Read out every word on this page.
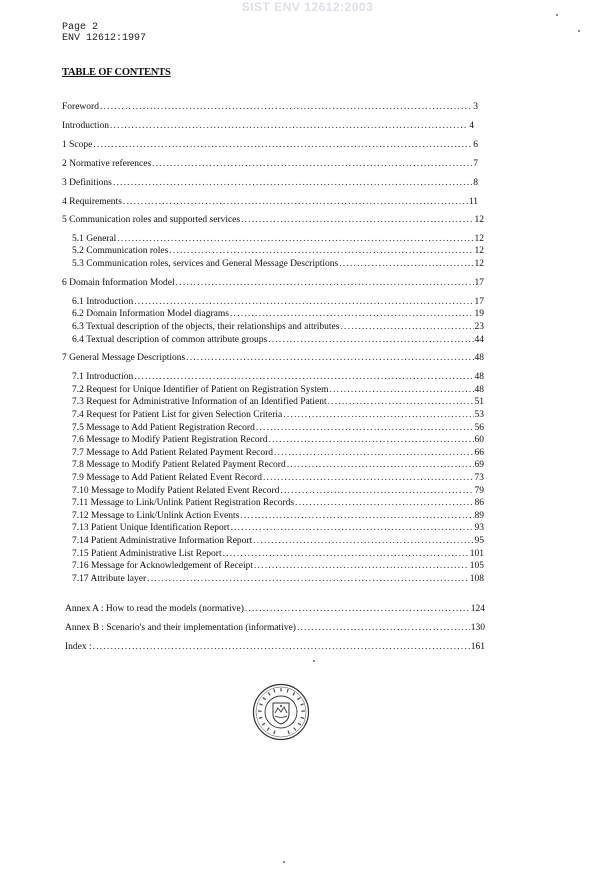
SIST ENV 12612:2003
Page 2
ENV 12612:1997
TABLE OF CONTENTS
Foreword .....	3
Introduction .....	4
1 Scope .....	6
2 Normative references .....	7
3 Definitions .....	8
4 Requirements .....	11
5 Communication roles and supported services .....	12
5.1 General .....	12
5.2 Communication roles .....	12
5.3 Communication roles, services and General Message Descriptions .....	12
6 Domain Information Model .....	17
6.1 Introduction .....	17
6.2 Domain Information Model diagrams .....	19
6.3 Textual description of the objects, their relationships and attributes .....	23
6.4 Textual description of common attribute groups .....	44
7 General Message Descriptions .....	48
7.1 Introduction .....	48
7.2 Request for Unique Identifier of Patient on Registration System .....	48
7.3 Request for Administrative Information of an Identified Patient .....	51
7.4 Request for Patient List for given Selection Criteria .....	53
7.5 Message to Add Patient Registration Record .....	56
7.6 Message to Modify Patient Registration Record .....	60
7.7 Message to Add Patient Related Payment Record .....	66
7.8 Message to Modify Patient Related Payment Record .....	69
7.9 Message to Add Patient Related Event Record .....	73
7.10 Message to Modify Patient Related Event Record .....	79
7.11 Message to Link/Unlink Patient Registration Records .....	86
7.12 Message to Link/Unlink Action Events .....	89
7.13 Patient Unique Identification Report .....	93
7.14 Patient Administrative Information Report .....	95
7.15 Patient Administrative List Report .....	101
7.16 Message for Acknowledgement of Receipt .....	105
7.17 Attribute layer .....	108
Annex A : How to read the models (normative) .....	124
Annex B : Scenario's and their implementation (informative) .....	130
Index : .....	161
